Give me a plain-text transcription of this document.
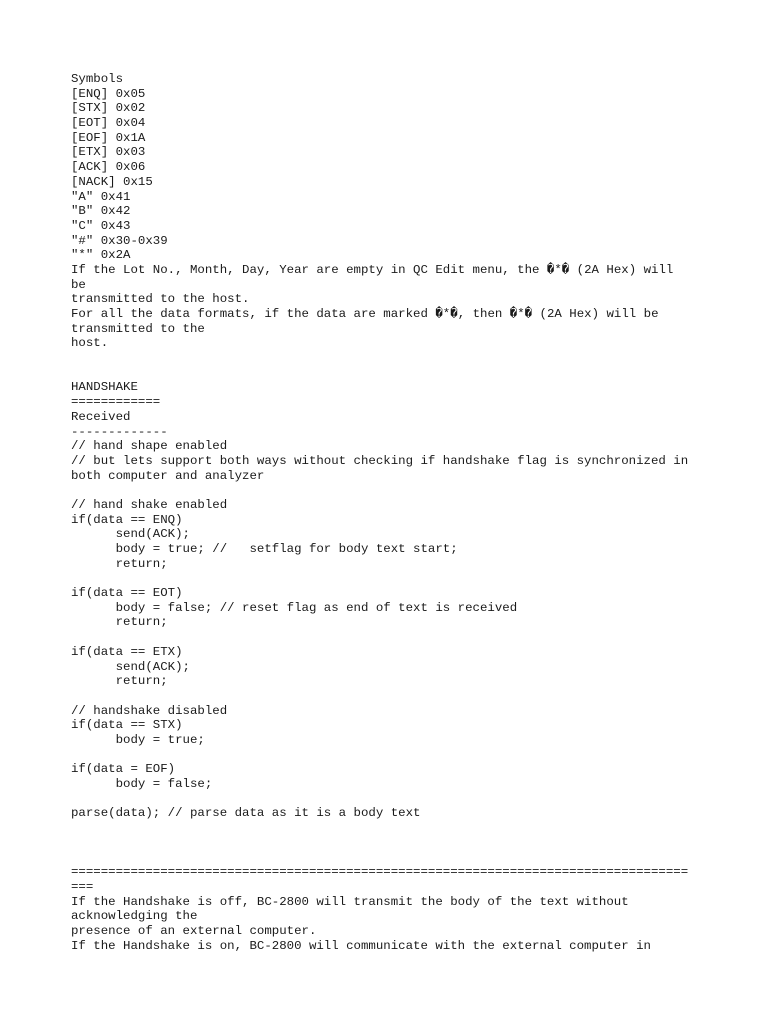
Symbols
[ENQ] 0x05
[STX] 0x02
[EOT] 0x04
[EOF] 0x1A
[ETX] 0x03
[ACK] 0x06
[NACK] 0x15
"A" 0x41
"B" 0x42
"C" 0x43
"#" 0x30-0x39
"*" 0x2A
If the Lot No., Month, Day, Year are empty in QC Edit menu, the �*� (2A Hex) will
be
transmitted to the host.
For all the data formats, if the data are marked �*�, then �*� (2A Hex) will be
transmitted to the
host.
HANDSHAKE
============
Received
-------------
// hand shape enabled
// but lets support both ways without checking if handshake flag is synchronized in
both computer and analyzer
// hand shake enabled
if(data == ENQ)
send(ACK);
body = true; //   setflag for body text start;
return;
if(data == EOT)
body = false; // reset flag as end of text is received
return;
if(data == ETX)
send(ACK);
return;
// handshake disabled
if(data == STX)
body = true;
if(data = EOF)
body = false;
parse(data); // parse data as it is a body text
===================================================================================
===
If the Handshake is off, BC-2800 will transmit the body of the text without
acknowledging the
presence of an external computer.
If the Handshake is on, BC-2800 will communicate with the external computer in
